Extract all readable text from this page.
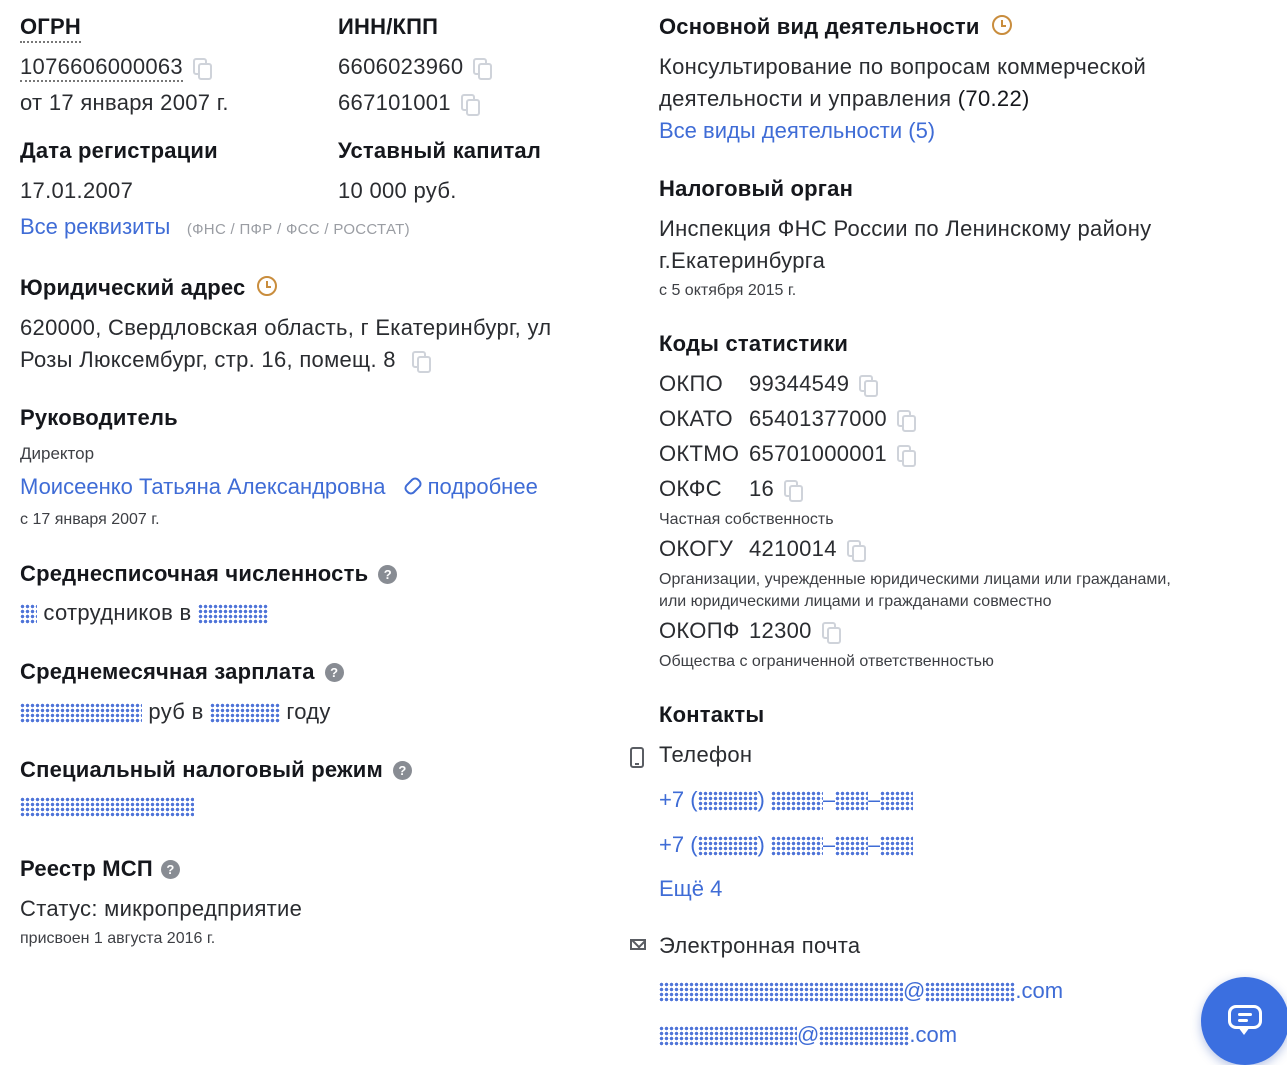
ОГРН
1076606000063
от 17 января 2007 г.
ИНН/КПП
6606023960
667101001
Дата регистрации
17.01.2007
Уставный капитал
10 000 руб.
Все реквизиты (ФНС / ПФР / ФСС / РОССТАТ)
Юридический адрес
620000, Свердловская область, г Екатеринбург, ул
Розы Люксембург, стр. 16, помещ. 8
Руководитель
Директор
Моисеенко Татьяна Александровна подробнее
с 17 января 2007 г.
Среднесписочная численность ?
сотрудников в
Среднемесячная зарплата ?
руб в	году
Специальный налоговый режим ?
Реестр МСП ?
Статус: микропредприятие
присвоен 1 августа 2016 г.
Основной вид деятельности
Консультирование по вопросам коммерческой
деятельности и управления (70.22)
Все виды деятельности (5)
Налоговый орган
Инспекция ФНС России по Ленинскому району
г.Екатеринбурга
с 5 октября 2015 г.
Коды статистики
ОКПО 99344549
ОКАТО 65401377000
ОКТМО 65701000001
ОКФС 16
Частная собственность
ОКОГУ 4210014
Организации, учрежденные юридическими лицами или гражданами,
или юридическими лицами и гражданами совместно
ОКОПФ 12300
Общества с ограниченной ответственностью
Контакты
Телефон
+7 (	)	– –
+7 (	)	– –
Ещё 4
Электронная почта
@	.com
@	.com
